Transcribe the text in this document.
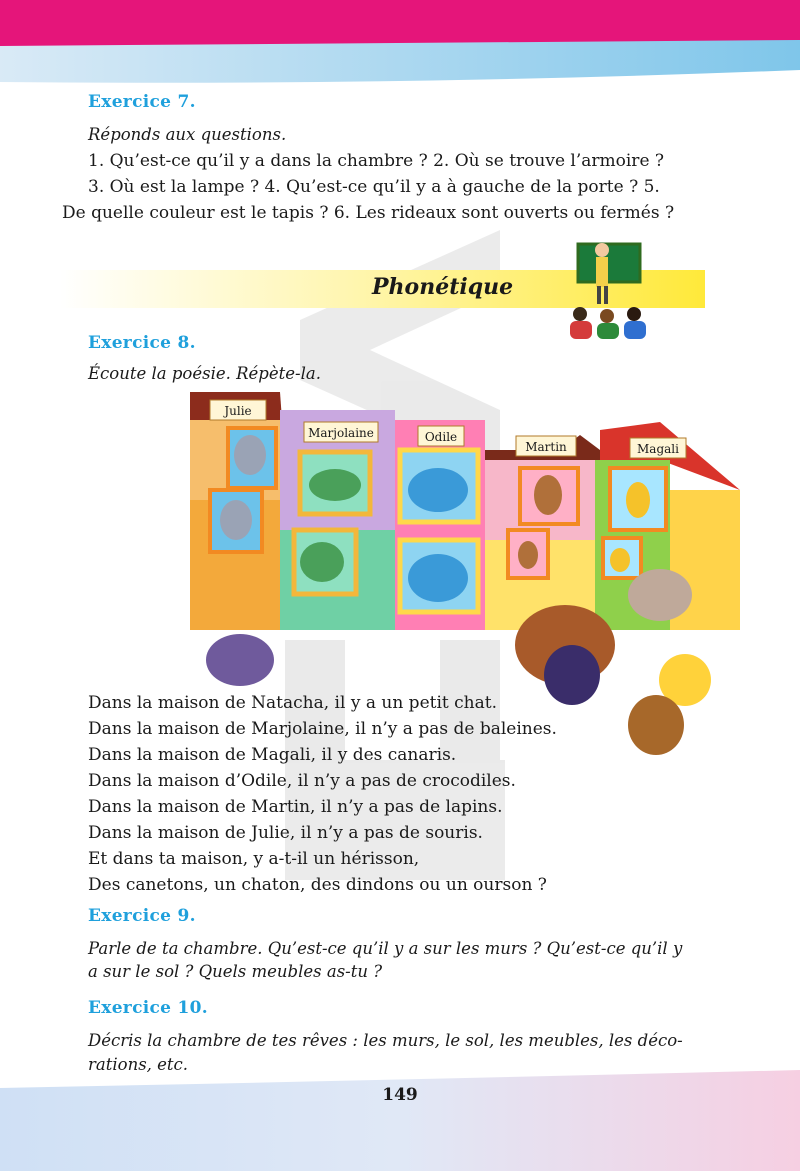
Exercice 7.
Réponds aux questions.
1. Qu’est-ce qu’il y a dans la chambre ? 2. Où se trouve l’armoire ?
3. Où est la lampe ? 4. Qu’est-ce qu’il y a à gauche de la porte ? 5.
De quelle couleur est le tapis ? 6. Les rideaux sont ouverts ou fermés ?
Phonétique
Exercice 8.
Écoute la poésie. Répète-la.
Julie
Marjolaine	Odile
Martin	Magali
Dans la maison de Natacha, il y a un petit chat.
Dans la maison de Marjolaine, il n’y a pas de baleines.
Dans la maison de Magali, il y des canaris.
Dans la maison d’Odile, il n’y a pas de crocodiles.
Dans la maison de Martin, il n’y a pas de lapins.
Dans la maison de Julie, il n’y a pas de souris.
Et dans ta maison, y a-t-il un hérisson,
Des canetons, un chaton, des dindons ou un ourson ?
Exercice 9.
Parle de ta chambre. Qu’est-ce qu’il y a sur les murs ? Qu’est-ce qu’il y
a sur le sol ? Quels meubles as-tu ?
Exercice 10.
Décris la chambre de tes rêves : les murs, le sol, les meubles, les déco-
rations, etc.
149
